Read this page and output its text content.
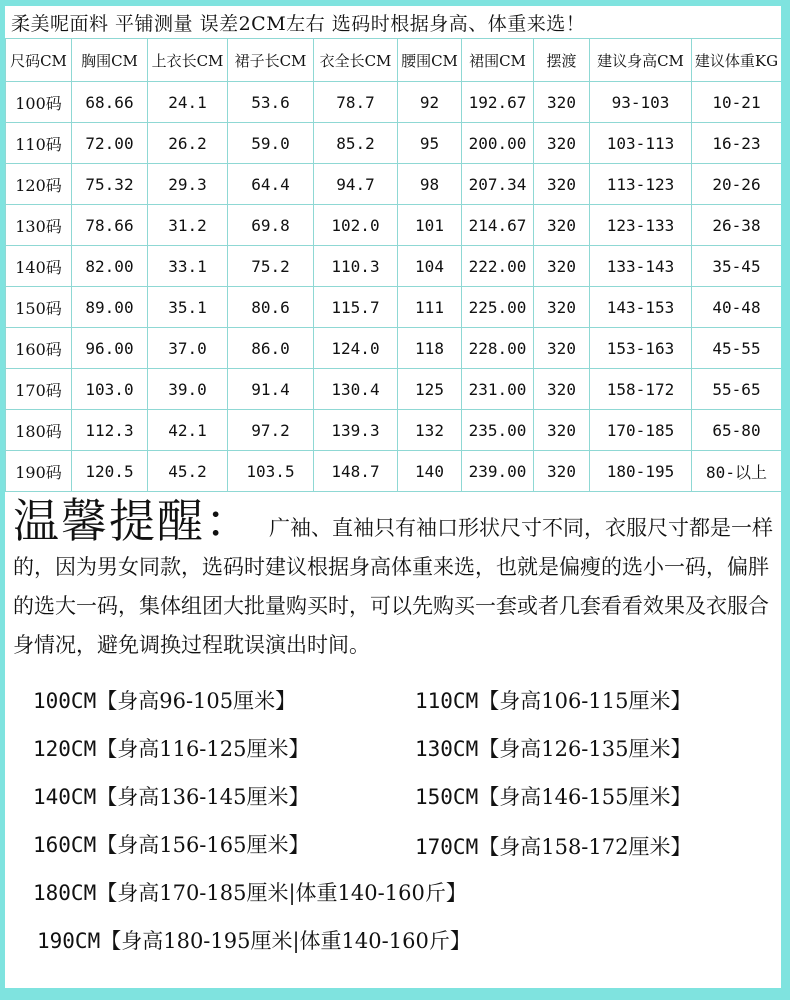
柔美呢面料 平铺测量 误差2CM左右 选码时根据身高、体重来选！
尺码CM	胸围CM	上衣长CM	裙子长CM	衣全长CM	腰围CM	裙围CM	摆渡	建议身高CM	建议体重KG
100码	68.66	24.1	53.6	78.7	92	192.67	320	93-103	10-21
110码	72.00	26.2	59.0	85.2	95	200.00	320	103-113	16-23
120码	75.32	29.3	64.4	94.7	98	207.34	320	113-123	20-26
130码	78.66	31.2	69.8	102.0	101	214.67	320	123-133	26-38
140码	82.00	33.1	75.2	110.3	104	222.00	320	133-143	35-45
150码	89.00	35.1	80.6	115.7	111	225.00	320	143-153	40-48
160码	96.00	37.0	86.0	124.0	118	228.00	320	153-163	45-55
170码	103.0	39.0	91.4	130.4	125	231.00	320	158-172	55-65
180码	112.3	42.1	97.2	139.3	132	235.00	320	170-185	65-80
190码	120.5	45.2	103.5	148.7	140	239.00	320	180-195	80-以上
温馨提醒： 广袖、直袖只有袖口形状尺寸不同，衣服尺寸都是一样的，因为男女同款，选码时建议根据身高体重来选，也就是偏瘦的选小一码，偏胖的选大一码，集体组团大批量购买时，可以先购买一套或者几套看看效果及衣服合身情况，避免调换过程耽误演出时间。
100CM【身高96-105厘米】	110CM【身高106-115厘米】
120CM【身高116-125厘米】	130CM【身高126-135厘米】
140CM【身高136-145厘米】	150CM【身高146-155厘米】
160CM【身高156-165厘米】	170CM【身高158-172厘米】
180CM【身高170-185厘米|体重140-160斤】
190CM【身高180-195厘米|体重140-160斤】
